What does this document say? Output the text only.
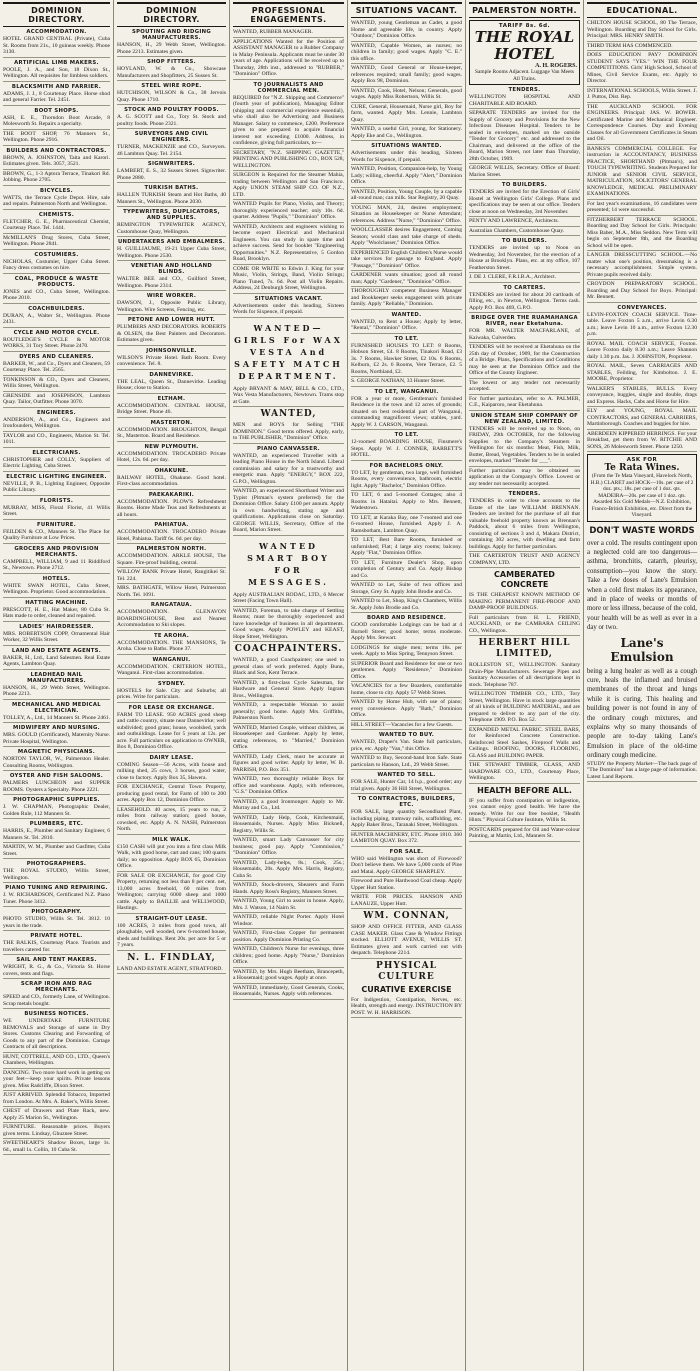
DOMINION DIRECTORY.
ACCOMMODATION.
HOTEL GRAND CENTRAL (Private), Cuba St. Rooms from 21s., 10 guineas weekly. Phone 3130.
ARTIFICIAL LIMB MAKERS.
POOLE, J. A., and Son, 18 Dixon St., Wellington. All requisites for limbless soldiers.
BLACKSMITH AND FARRIER.
ADAMS, J. J., 8 Courtenay Place. Horse shod and general Farrier. Tel. 2451.
BOOT SHOPS.
ASH, E. E., Thorndon Boot Arcade, 8 Molesworth St. Repairs a specialty.
THE BOOT SHOP, 76 Manners St., Wellington. Phone 2916.
BUILDERS AND CONTRACTORS.
BROWN, A. JOHNSTON, Taita and Karori. Estimates given. Tels. 3057, 3521.
BROWN, G., 1-3 Aptora Terrace, Tinakori Rd. Jobbing. Phone 2705.
BICYCLES.
WATTS, the Terrace Cycle Depot. Hire, sale and repairs. Palmerston North and Wellington.
CHEMISTS.
FLETCHER, G. E., Pharmaceutical Chemist, Courtenay Place. Tel. 1444.
McMILLAN'S Drug Stores, Cuba Street, Wellington. Phone 2841.
COSTUMIERS.
NICHOLAS, Costumier, Upper Cuba Street. Fancy dress costumes on hire.
COAL, PRODUCE & WASTE PRODUCTS.
JONES and CO., Cuba Street, Wellington. Phone 2010.
COACHBUILDERS.
DURAN, A., Walter St., Wellington. Phone 2431.
CYCLE AND MOTOR CYCLE.
ROUTLEDGE'S CYCLE & MOTOR WORKS, 31 Tory Street. Phone 2470.
DYERS AND CLEANERS.
BARKER, W., and Co., Dyers and Cleaners, 59 Courtenay Place. Tel. 2565.
TONKINSON & CO., Dyers and Cleaners, Willis Street, Wellington.
GRENSIDE and JOSEPHSON, Lambton Quay. Tailor, Outfitter. Phone 3070.
ENGINEERS.
ANDERSON, A., and Co., Engineers and Ironfounders, Wellington.
TAYLOR and CO., Engineers, Marion St. Tel. 1011.
ELECTRICIANS.
CHRISTOPHER and COLLY, Suppliers of Electric Lighting, Cuba Street.
ELECTRIC LIGHTING ENGINEER.
NEVILLE, P. B., Lighting Engineer, Opposite Public Library.
FLORISTS.
MURRAY, MISS, Floral Florist, 41 Willis Street.
FURNITURE.
FEILDEN & CO., Manners St. The Place for Quality Furniture at Low Prices.
GROCERS AND PROVISION MERCHANTS.
CAMPBELL, WILLIAM, 9 and 11 Riddiford St., Newtown. Phone 2712.
HOTELS.
WHITE SWAN HOTEL, Cuba Street, Wellington. Proprietor. Good accommodation.
HATTING MACHINE.
PRESCOTT, H. E., Hat Maker, 80 Cuba St. Hats made to order, cleaned and repaired.
LADIES' HAIRDRESSER.
MRS. ROBERTSON COPP, Ornamental Hair Worker, 32 Willis Street.
LAND AND ESTATE AGENTS.
BAKER, H., Ltd., Land Salesmen. Real Estate Agents, Lambton Quay.
LEADHEAD NAIL MANUFACTURERS.
HANSON, H., 29 Webb Street, Wellington. Phone 2213.
MECHANICAL AND MEDICAL ELECTRICIAN.
TOLLEY, A., Ltd., 14 Manners St. Phone 2461.
MIDWIFERY AND NURSING.
MRS. GOULD (Certificated), Maternity Nurse. Private Hospital, Wellington.
MAGNETIC PHYSICIANS.
NORTON TAYLOR, W., Palmerston Healer. Consulting Rooms, Wellington.
OYSTER AND FISH SALOONS.
PALMERS LUNCHEON and SUPPER ROOMS. Oysters a Specialty. Phone 2221.
PHOTOGRAPHIC SUPPLIES.
J. W. CHAPMAN, Photographic Dealer, Golden Rule, 112 Manners St.
PLUMBERS, ETC.
HARRIS, E., Plumber and Sanitary Engineer, 6 Manners St. Tel. 2810.
MARTIN, W. M., Plumber and Gasfitter, Cuba Street.
PHOTOGRAPHERS.
THE ROYAL STUDIO, Willis Street, Wellington.
PIANO TUNING AND REPAIRING.
J. W. RICHARDSON, Certificated N.Z. Piano Tuner. Phone 3412.
PHOTOGRAPHY.
PHOTO STUDIO, Willis St. Tel. 3812. 10 years in the trade.
PRIVATE HOTEL.
THE BALKIS, Courtenay Place. Tourists and travellers catered for.
SAIL AND TENT MAKERS.
WRIGHT, R. G., & Co., Victoria St. Horse covers, tents and flags.
SCRAP IRON AND RAG MERCHANTS.
SPEED and CO., formerly Lane, of Wellington. Scrap metals bought.
BUSINESS NOTICES.
WE UNDERTAKE FURNITURE REMOVALS and Storage of same in Dry Stores. Customs Clearing and Forwarding of Goods to any part of the Dominion. Cartage Contracts of all descriptions.
HUNT, COTTRELL, AND CO., LTD., Queen's Chambers, Wellington.
DANCING. Two more hard work in getting on your feet—keep your spirits. Private lessons given. Miss Radcliffe, Dixon Street.
JUST ARRIVED. Splendid Tobacco, Imported from London. At Mrs. A. Baker's, Willis Street.
CHEST of Drawers and Plate Rack, new. Apply 25 Marion St., Wellington.
FURNITURE. Reasonable prices. Buyers given terms. Lindsay, Ghuznee Street.
SWEETHEART'S Shadow Boxes, large 1s. 6d., small 1s. Collin, 10 Cuba St.
DOMINION DIRECTORY.
SPOUTING AND RIDGING MANUFACTURERS.
HANSON, H., 29 Webb Street, Wellington. Phone 2213. Estimates given.
SHOP FITTERS.
HOYLAND, W. & Co., Showcase Manufacturers and Shopfitters, 25 Sussex St.
STEEL WIRE ROPE.
HUTCHISON, WILSON & Co., 38 Jervois Quay. Phone 1710.
STOCK AND POULTRY FOODS.
A. G. SCOTT and Co., Tory St. Stock and poultry foods. Phone 2321.
SURVEYORS AND CIVIL ENGINEERS.
TURNER, MACKENZIE and CO., Surveyors. 46 Lambton Quay. Tel. 2154.
SIGNWRITERS.
LAMBERT, E. S., 32 Sussex Street. Signwriter. Phone 2880.
TURKISH BATHS.
HALLEN TURKISH Steam and Hot Baths, 40 Manners St., Wellington. Phone 2030.
TYPEWRITERS, DUPLICATORS, AND SUPPLIES.
REMINGTON TYPEWRITER AGENCY, Customhouse Quay, Wellington.
UNDERTAKERS AND EMBALMERS.
H. GUILLIAUME, 19-21 Upper Cuba Street, Wellington. Phone 2530.
VENETIAN AND HOLLAND BLINDS.
WALTER BEE and CO., Guilford Street, Wellington. Phone 2314.
WIRE WORKER.
DAWSON, J., Opposite Public Library, Wellington. Wire Screens, Fencing, etc.
PETONE AND LOWER HUTT.
PLUMBERS AND DECORATORS. ROBERTS & OLSEN, the Best Painters and Decorators. Estimates given.
JOHNSONVILLE.
WILSON'S Private Hotel. Bath Room. Every convenience. Tel. 8.
DANNEVIRKE.
THE LEAL, Queen St., Dannevirke. Leading House; close to Station.
ELTHAM.
ACCOMMODATION. CENTRAL HOUSE, Bridge Street. Phone 46.
MASTERTON.
ACCOMMODATION. BROUGHTON, Bengal St., Masterton. Board and Residence.
NEW PLYMOUTH.
ACCOMMODATION. TROCADERO Private Hotel, 12s. 6d. per day.
OHAKUNE.
RAILWAY HOTEL, Ohakune. Good hotel. First-class accommodation.
PAEKAKARIKI.
ACCOMMODATION. PLOW'S Refreshment Rooms. Home Made Teas and Refreshments at all hours.
PAHIATUA.
ACCOMMODATION. TROCADERO Private Hotel, Pahiatua. Tariff 6s. 6d. per day.
PALMERSTON NORTH.
ACCOMMODATION. ARKLE HOUSE, The Square. Fire-proof building, central.
WILLOW BANK Private Hotel, Rangitikei St. Tel. 224.
MRS. BATHGATE, Willow Hotel, Palmerston North. Tel. 1091.
RANGATAUA.
ACCOMMODATION. GLENAVON BOARDINGHOUSE, Best and Nearest Accommodation to Ski slopes.
TE AROHA.
ACCOMMODATION. THE MANSIONS, Te Aroha. Close to Baths. Phone 37.
WANGANUI.
ACCOMMODATION. CRITERION HOTEL, Wanganui. First-class accommodation.
SYDNEY.
HOSTELS for Sale. City and Suburbs; all prices. Write for particulars.
FOR LEASE OR EXCHANGE.
FARM TO LEASE. 950 ACRES good sheep and cattle country, situate near Dannevirke; well subdivided; good grass; house, woolshed, yards and outbuildings. Lease for 5 years at 12s. per acre. Full particulars on application to OWNER, Box 8, Dominion Office.
DAIRY LEASE.
COMING Season—56 Acres, with house and milking shed, 25 cows, 3 horses, good water, close to factory. Apply Box 35, Hawera.
FOR EXCHANGE, Central Town Property, producing good rental, for Farm of 100 to 200 acres. Apply Box 12, Dominion Office.
LEASEHOLD. 40 acres, 15 years to run, 2 miles from railway station; good house, cowshed, etc. Apply A. N. NASH, Palmerston North.
MILK WALK.
£150 CASH will put you into a first class Milk Walk, with good horse, cart and cans; 100 quarts daily; no opposition. Apply BOX 65, Dominion Office.
FOR SALE OR EXCHANGE, for good City Property, returning not less than 8 per cent. net, 13,000 acres freehold, 60 miles from Wellington; carrying 6000 sheep and 1000 cattle. Apply to BAILLIE and WELLWOOD, Hastings.
STRAIGHT-OUT LEASE.
100 ACRES, 3 miles from good town, all ploughable, well wooded, new 6-roomed house, sheds and buildings. Rent 20s. per acre for 5 or 7 years.
N. L. FINDLAY,
LAND AND ESTATE AGENT, STRATFORD.
PROFESSIONAL ENGAGEMENTS.
WANTED, RUBBER MANAGER.
APPLICATIONS Wanted for the Position of ASSISTANT MANAGER to a Rubber Company in Malay Peninsula. Applicants must be under 30 years of age. Applications will be received up to Thursday, 28th inst., addressed to "RUBBER," "Dominion" Office.
TO JOURNALISTS AND COMMERCIAL MEN.
REQUIRED for "N.Z. Shipping and Commerce" (fourth year of publication), Managing Editor (shipping and commercial experience essential), who shall also be Advertising and Business Manager. Salary to commence, £200. Preference given to one prepared to acquire financial interest not exceeding £1000. Address, in confidence, giving full particulars, to—
SECRETARY, "N.Z. SHIPPING GAZETTE," PRINTING AND PUBLISHING CO., BOX 528, WELLINGTON.
SURGEON is Required for the Steamer Mahia, trading between Wellington and San Francisco. Apply UNION STEAM SHIP CO. OF N.Z., LTD.
WANTED Pupils for Piano, Violin, and Theory; thoroughly experienced teacher; only 10s. 6d. quarter. Address "Pupils," "Dominion" Office.
WANTED, Architects and engineers wishing to become expert Electrical and Mechanical Engineers. You can study in spare time and achieve success. Send for booklet "Engineering Opportunities." N.Z. Representative, 5 Gordon Road, Brooklyn.
COME OR WRITE to Edwin J. King for your Music, Violin, Strings, Band, Violin Strings; Piano Tuned, 7s. 6d. Post all Violin Repairs. Address, 24 Denburgh Street, Wellington.
SITUATIONS VACANT.
Advertisements under this heading, Sixteen Words for Sixpence, if prepaid.
WANTED—GIRLS For WAX VESTA And SAFETY MATCH DEPARTMENT.
Apply BRYANT & MAY, BELL & CO., LTD., Wax Vesta Manufacturers, Newtown. Trams stop at Gate.
WANTED,
MEN and BOYS for Selling "THE DOMINION." Good terms offered. Apply, early, to THE PUBLISHER, "Dominion" Office.
PIANO CANVASSER.
WANTED, an experienced Traveller with a leading Piano House in the North Island. Liberal commission and salary for a trustworthy and energetic man. Apply "ENERGY," BOX 222, G.P.O., Wellington.
WANTED, an experienced Shorthand Writer and Typist (Pitman's system preferred) for the Dominion Office. Salary £100 per annum. Apply in own handwriting, stating age and qualifications. Applications close on Saturday. GEORGE WILLIS, Secretary, Office of the Board, Marion Street.
WANTED SMART BOY FOR MESSAGES.
Apply AUSTRALIAN RODAC, LTD., 6 Mercer Street (Facing Town Hall).
WANTED, Foreman, to take charge of Settling Rooms; must be thoroughly experienced and have knowledge of business in all departments. Good wages. Apply POWLEY and KEAST, Hope Street, Wellington.
COACHPAINTERS.
WANTED, a good Coachpainter; one used to general class of work preferred. Apply Bunn, Black and Son, Kent Terrace.
WANTED, a first-class Cycle Salesman, for Hardware and General Store. Apply Ingram Bros., Wellington.
WANTED, a respectable Woman to assist generally; good home. Apply Mrs. Griffiths, Palmerston North.
WANTED, Married Couple, without children, as Housekeeper and Gardener. Apply by letter, stating references, to "Married," Dominion Office.
WANTED, Lady Clerk, must be accurate at figures and good writer. Apply by letter, W. B. PARRISH, P.O. Box 351.
WANTED, two thoroughly reliable Boys for office and warehouse. Apply, with references, "G.S." Dominion Office.
WANTED, a good Ironmonger. Apply to Mr. Murray and Co., Ltd.
WANTED, Lady Help, Cook, Kitchenmaid, Housemaids, Nurses. Apply Miss Bicknell, Registry, Willis St.
WANTED, smart Lady Canvasser for city business; good pay. Apply "Commission," "Dominion" Office.
WANTED, Lady-helps, 8s.; Cook, 25s.; Housemaids, 20s. Apply Mrs. Harris, Registry, Cuba St.
WANTED, Stock-drovers, Shearers and Farm Hands. Apply Ross's Registry, Manners Street.
WANTED, Young Girl to assist in house. Apply, Mrs. J. Watson, 14 Nairn St.
WANTED, reliable Night Porter. Apply Hotel Windsor.
WANTED, First-class Copper for permanent position. Apply Dominion Printing Co.
WANTED, Children's Nurse for evenings, three children; good home. Apply "Nurse," Dominion Office.
WANTED, by Mrs. Hugh Beetham, Brancepeth, a Housemaid; good wages. Apply at once.
WANTED, immediately, Good Generals, Cooks, Housemaids, Nurses. Apply with references.
SITUATIONS VACANT.
WANTED, young Gentleman as Cadet, a good Home and agreeable life, in country. Apply "Outdoor," Dominion Office.
WANTED, Capable Women, as nurses; no children in family; good wages. Apply "C. E." this office.
WANTED, Good General or House-keeper, references required; small family; good wages. Apply Box 98, Dominion.
WANTED, Cook, Hotel, Nelson; Generals, good wages. Apply Miss Robertson, Willis St.
CURE, General, Housemaid, Nurse girl, Boy for farm, wanted. Apply Mrs. Lennie, Lambton Quay.
WANTED, a useful Girl, young, for Stationery. Apply Eke and Co., Wellington.
SITUATIONS WANTED.
Advertisements under this heading, Sixteen Words for Sixpence, if prepaid.
WANTED, Position, Companion-help, by Young Lady; willing, cheerful. Apply "Alert," Dominion Office.
WANTED, Position, Young Couple, by a capable all-round man; can milk. Star Registry, 20 Quay.
YOUNG MAN, 24, desires employment; Situation as Housekeeper or Nurse Attendant; references. Address "Nurse," "Dominion" Office.
WOOLCLASSER desires Engagement, Coming Season; would class and take charge of sheds. Apply "Woolclasser," Dominion Office.
EXPERIENCED English Children's Nurse would take services for passage to England. Apply "Passage," "Dominion" Office.
GARDENER wants situation; good all round man; Apply "Gardener," "Dominion" Office.
THOROUGHLY competent Business Manager and Bookkeeper seeks engagement with private family. Apply "Reliable," Dominion.
WANTED.
WANTED, to Rent a House; Apply by letter, "Rental," "Dominion" Office.
TO LET.
FURNISHED HOUSES TO LET: 8 Rooms, Hobson Street, £4. 8 Rooms, Tinakori Road, £3 3s. 7 Rooms, Hawker Street, £2 10s. 6 Rooms, Kelburn, £2 2s. 6 Rooms, Vere Terrace, £2. 5 Rooms, Northland, £2.
S. GEORGE NATHAN, 33 Hunter Street.
TO LET, WANGANUI.
FOR a year or more, Gentleman's furnished Residence in the town and 12 acres of grounds; situated on best residential part of Wanganui, commanding magnificent views; stables, yard. Apply W. J. CARSON, Wanganui.
TO LET.
12-roomed BOARDING HOUSE, Finsmere's Steps. Apply W. J. CONNER, BARRETT'S HOTEL.
FOR BACHELORS ONLY.
TO LET, by gentleman, two large, well furnished Rooms, every convenience, bathroom, electric light. Apply "Bachelor," Dominion Office.
TO LET, 6 and 5-roomed Cottages; also 4 Rooms in Hataitai. Apply to Mrs. Bennett, Wadestown.
TO LET, at Karaka Bay, one 7-roomed and one 6-roomed House, furnished. Apply J. A. Ramsbotham, Lambton Quay.
TO LET, Best Bare Rooms, furnished or unfurnished; Flat; 4 large airy rooms; balcony. Apply "Flat," Dominion Office.
TO LET, Furniture Dealer's Shop, upon completion of Century and Co. Apply Bishop and Co.
WANTED to Let, Suite of two offices and Storage, Grey St. Apply John Brodie and Co.
WANTED to Let, Shop, King's Chambers, Willis St. Apply John Brodie and Co.
BOARD AND RESIDENCE.
GOOD comfortable Lodgings can be had at 4 Burnell Street; good home; terms moderate. Apply Mrs. Stewart.
LODGINGS for single men; terms 18s. per week. Apply to Miss Spring, Tennyson Street.
SUPERIOR Board and Residence for one or two gentlemen. Apply "Residence," Dominion Office.
VACANCIES for a few Boarders, comfortable home, close to city. Apply 57 Webb Street.
WANTED by Home Hub, with use of piano; every convenience. Apply "Bath," Dominion Office.
HILL STREET—Vacancies for a few Guests.
WANTED TO BUY.
WANTED, Draper's Van. State full particulars, price, etc. Apply "Van," this Office.
WANTED to Buy, Second-hand Iron Safe. State particulars to Hanson, Ltd., 29 Webb Street.
WANTED TO SELL.
FOR SALE, Hunter Car, 14 h.p., good order; any trial given. Apply 36 Hill Street, Wellington.
TO CONTRACTORS, BUILDERS, ETC.
FOR SALE, large quantity Secondhand Plant, including piping, tramway rails, scaffolding, etc. Apply Baker Bros., Taranaki Street, Wellington.
HUNTER MACHINERY, ETC. Phone 1810. 360 LAMBTON QUAY. Box 372.
FOR SALE.
WHO said Wellington was short of Firewood? Don't believe them. We have 5,000 cords of Pine and Matai. Apply GEORGE SHARPLEY.
Firewood and Pure Hardwood Coal cheap. Apply Upper Hutt Station.
WRITE FOR PRICES. HANSON AND LANAUZE, Upper Hutt.
WM. CONNAN,
SHOP AND OFFICE FITTER, AND GLASS CASE MAKER. Glass Case & Window Fittings stocked. ELLIOTT AVENUE, WILLIS ST. Estimates given and work carried out with despatch. Telephone 2214.
PHYSICAL CULTURE
CURATIVE EXERCISE
For Indigestion, Constipation, Nerves, etc. Health, strength and energy. INSTRUCTION BY POST. W. H. HARRISON.
PALMERSTON NORTH.
TARIFF 8s. 6d.
THE ROYAL HOTEL
A. H. ROGERS.
Sample Rooms Adjacent. Luggage Van Meets All Trains.
TENDERS.
WELLINGTON HOSPITAL AND CHARITABLE AID BOARD.
SEPARATE TENDERS are invited for the Supply of Grocery and Provisions for the New Infectious Diseases Hospital. Tenders to be sealed in envelopes, marked on the outside "Tender for Grocery" etc. and addressed to the Chairman, and delivered at the office of the Board, Marion Street, not later than Thursday, 28th October, 1909.
GEORGE WILLIS, Secretary. Office of Board: Marion Street.
TO BUILDERS.
TENDERS are invited for the Erection of Girls' Hostel at Wellington Girls' College. Plans and specifications may be seen at our office. Tenders close at noon on Wednesday, 3rd November.
PENTY AND LAWRENCE, Architects.
Australian Chambers, Customhouse Quay.
TO BUILDERS.
TENDERS are invited up to Noon on Wednesday, 3rd November, for the erection of a House at Brooklyn. Plans, etc. at my office, 107 Featherston Street.
J. DE J. CLERE, F.R.I.B.A., Architect.
TO CARTERS.
TENDERS are invited for about 20 cartloads of filling, etc., in Newton, Wellington. Terms cash. Apply P.O. Box 469, G.P.O.
BRIDGE OVER THE RUAMAHANGA RIVER, near Eketahuna.
FOR MR. WALTER MACFARLANE, of Kaiwaka, Culverden.
TENDERS will be received at Eketahuna on the 25th day of October, 1909, for the Construction of a Bridge. Plans, Specifications and Conditions may be seen at the Dominion Office and the Office of the County Engineer.
The lowest or any tender not necessarily accepted.
For further particulars, refer to A. PALMER, C.E., Kaiparoro, near Eketahuna.
UNION STEAM SHIP COMPANY OF NEW ZEALAND, LIMITED.
TENDERS will be received up to Noon, on FRIDAY, 29th OCTOBER, for the following Supplies to the Company's Steamers in Wellington for six months: Meat, Fish, Milk, Butter, Bread, Vegetables. Tenders to be in sealed envelopes, marked "Tender for ___".
Further particulars may be obtained on application at the Company's Office. Lowest or any tender not necessarily accepted.
TENDERS.
TENDERS in order to close accounts to the Estate of the late WILLIAM BRENNAN. Tenders are invited for the purchase of all that valuable freehold property known as Brennan's Paddock, about 6 miles from Wellington, consisting of sections 3 and 4, Makara District, containing 302 acres, with dwelling and farm buildings. Apply for further particulars.
THE CARTERTON TRUST AND AGENCY COMPANY, LTD.
CAMBERATED CONCRETE
IS THE CHEAPEST KNOWN METHOD OF MAKING PERMANENT FIRE-PROOF AND DAMP-PROOF BUILDINGS.
Full particulars from H. L. FRIEND, AUCKLAND, or the CAMBARA CEILING CO., Wellington.
HERBERT HILL LIMITED,
ROLLESTON ST., WELLINGTON. Sanitary Drain-Pipe Manufacturers. Sewerage Pipes and Sanitary Accessories of all descriptions kept in stock. Telephone 787.
WELLINGTON TIMBER CO., LTD., Tory Street, Wellington. Have in stock large quantities of all kinds of BUILDING MATERIAL, and are prepared to deliver to any part of the city. Telephone 1909. P.O. Box 52.
EXPANDED METAL FABRIC. STEEL BARS, for Reinforced Concrete Construction. Reinforced Steel Sashes, Fireproof Walls and Ceilings. ROOFING, DOORS, FLOORING, GLASS and BUILDING PAPER.
THE STEWART TIMBER, GLASS, AND HARDWARE CO., LTD., Courtenay Place, Wellington.
HEALTH BEFORE ALL.
IF you suffer from constipation or indigestion, you cannot enjoy good health. We have the remedy. Write for our free booklet, "Health Hints." Physical Culture Institute, Willis St.
POSTCARDS prepared for Oil and Water-colour Painting, at Martin, Ltd., Manners St.
EDUCATIONAL.
CHILTON HOUSE SCHOOL, 80 The Terrace, Wellington. Boarding and Day School for Girls. Principal: MRS. HENRY SMITH.
THIRD TERM HAS COMMENCED.
DOES EDUCATION PAY? DOMINION STUDENT SAYS "YES." WIN THE FOUR COMPETITIONS. Girls' High School, School of Mines, Civil Service Exams, etc. Apply to Director.
INTERNATIONAL SCHOOLS, Willis Street. J. J. Puttos, Dist. Rep.
THE AUCKLAND SCHOOL FOR ENGINEERS. Principal: JAS. W. BOWER. Certificated Marine and Mechanical Engineer. Correspondence Courses. Day and Evening Classes for all Government Certificates in Steam and Oil.
BANKS'S COMMERCIAL COLLEGE. For instruction in ACCOUNTANCY, BUSINESS PRACTICE, SHORTHAND (Pitman's), and TOUCH TYPEWRITING. Students Prepared for JUNIOR and SENIOR CIVIL SERVICE, MATRICULATION, SOLICITORS' GENERAL KNOWLEDGE, MEDICAL PRELIMINARY EXAMINATIONS.
For last year's examinations, 16 candidates were presented; 14 were successful.
FITZHERBERT TERRACE SCHOOL. Boarding and Day School for Girls. Principals: Miss Baber, M.A., Miss Seddon. New Term will begin on September 8th, and the Boarding School will be open.
LANGER DRESSCUTTING SCHOOL.—No matter what one's position, dressmaking is a necessary accomplishment. Simple system. Private pupils received daily.
CROYDON PREPARATORY SCHOOL. Boarding and Day School for Boys. Principal: Mr. Bennett.
CONVEYANCES.
LEVIN-FOXTON COACH SERVICE. Time-table. Leave Foxton 5 a.m., arrive Levin 6.30 a.m.; leave Levin 10 a.m., arrive Foxton 12.30 p.m.
ROYAL MAIL COACH SERVICE, Foxton. Leave Foxton daily 8.30 a.m.; Leave Shannon daily 1.30 p.m. Jas. J. JOHNSTON, Proprietor.
ROYAL MAIL, Seven CARRIAGES AND STABLES, Feilding, for Kimbolton. J. E. MOORE, Proprietor.
WALKER'S STABLES, BULLS. Every conveyance, buggies, single and double, drags and Express. Hacks, Cabs and Horse for Hire.
ELY and YOUNG, ROYAL MAIL CONTRACTORS, and GENERAL CARRIERS, Martinborough. Coaches and buggies for hire.
ABERDEEN KIPPERED HERRINGS. For your Breakfast, get them from W. RITCHIE AND SONS, 26 Molesworth Street. Phone 1250.
ASK FOR
Te Rata Wines.
(From the Te Mata Vineyard, Havelock North, H.B.) CLARET and HOCK—10s. per case of 2 doz. pts.; 18s. per case of 1 doz. qts. MADEIRA—20s. per case of 1 doz. qts. Awarded Six Gold Medals—N.Z. Exhibition, Franco-British Exhibition, etc. Direct from the Vineyard.
DON'T WASTE WORDS
over a cold. The results contingent upon a neglected cold are too dangerous—asthma, bronchitis, catarrh, pleurisy, consumption—you know the story. Take a few doses of Lane's Emulsion when a cold first makes its appearance, and in place of weeks or months of more or less illness, because of the cold, your health will be as well as ever in a day or two.
Lane's Emulsion
being a lung healer as well as a cough cure, heals the inflamed and bruised membranes of the throat and lungs while it is curing. This healing and building power is not found in any of the ordinary cough mixtures, and explains why so many thousands of people are to-day taking Lane's Emulsion in place of the old-time ordinary cough medicine.
STUDY the Property Market—The back page of "The Dominion" has a large page of information. Latest Land Reports.
